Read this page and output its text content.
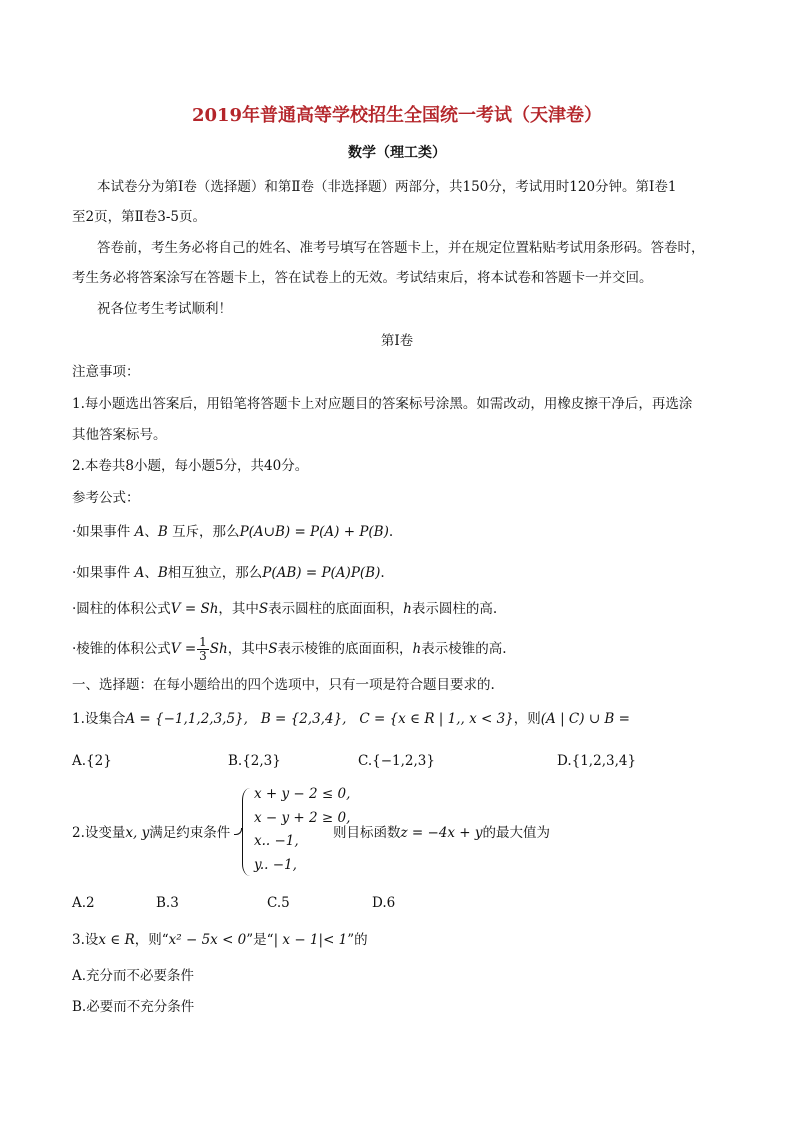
2019年普通高等学校招生全国统一考试（天津卷）
数学（理工类）
本试卷分为第Ⅰ卷（选择题）和第Ⅱ卷（非选择题）两部分，共150分，考试用时120分钟。第Ⅰ卷1
至2页，第Ⅱ卷3-5页。
答卷前，考生务必将自己的姓名、准考号填写在答题卡上，并在规定位置粘贴考试用条形码。答卷时，
考生务必将答案涂写在答题卡上，答在试卷上的无效。考试结束后，将本试卷和答题卡一并交回。
祝各位考生考试顺利！
第Ⅰ卷
注意事项：
1.每小题选出答案后，用铅笔将答题卡上对应题目的答案标号涂黑。如需改动，用橡皮擦干净后，再选涂
其他答案标号。
2.本卷共8小题，每小题5分，共40分。
参考公式：
·如果事件 A、B 互斥，那么P(A∪B) = P(A) + P(B).
·如果事件 A、B相互独立，那么P(AB) = P(A)P(B).
·圆柱的体积公式V = Sh，其中S表示圆柱的底面面积，h表示圆柱的高.
·棱锥的体积公式$V = \frac{1}{3}$ Sh，其中S表示棱锥的底面面积，h表示棱锥的高.
一、选择题：在每小题给出的四个选项中，只有一项是符合题目要求的.
1.设集合A = {−1,1,2,3,5}, B = {2,3,4}, C = {x ∈ R | 1,, x < 3}，则(A | C) ∪ B =
A.{2}	B.{2,3}	C.{−1,2,3}	D.{1,2,3,4}
2.设变量x, y满足约束条件
x + y − 2 ≤ 0,
x − y + 2 ≥ 0,
x.. −1,
y.. −1,
则目标函数z = −4x + y的最大值为
A.2	B.3	C.5	D.6
3.设x ∈ R，则“x² − 5x < 0”是“| x − 1|< 1”的
A.充分而不必要条件
B.必要而不充分条件
